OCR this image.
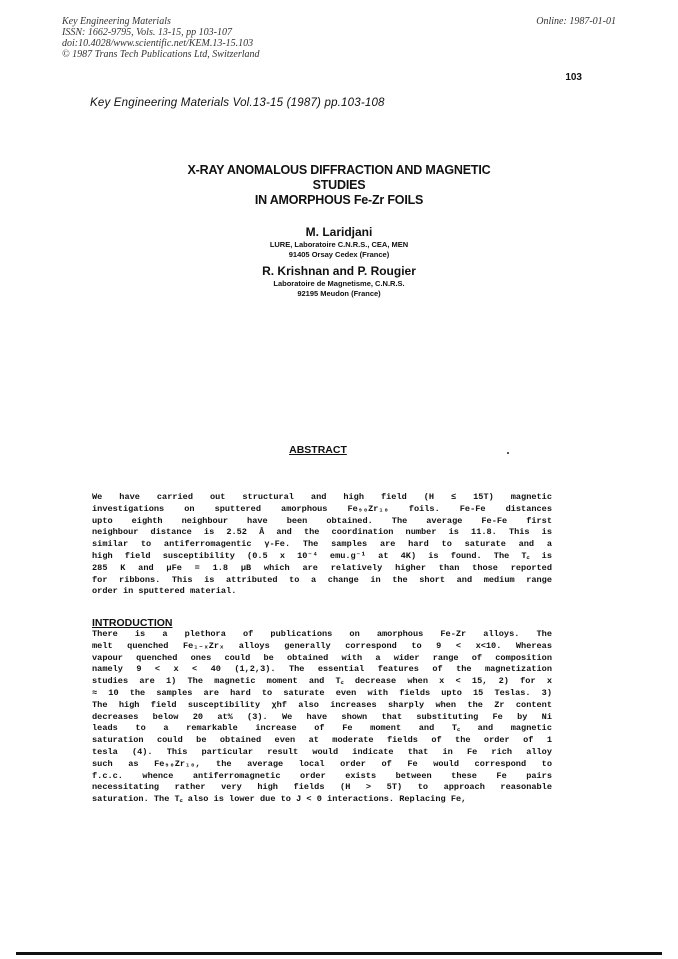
Key Engineering Materials
ISSN: 1662-9795, Vols. 13-15, pp 103-107
doi:10.4028/www.scientific.net/KEM.13-15.103
© 1987 Trans Tech Publications Ltd, Switzerland
Online: 1987-01-01
103
Key Engineering Materials Vol.13-15 (1987) pp.103-108
X-RAY ANOMALOUS DIFFRACTION AND MAGNETIC
STUDIES
IN AMORPHOUS Fe-Zr FOILS
M. Laridjani
LURE, Laboratoire C.N.R.S., CEA, MEN
91405 Orsay Cedex (France)
R. Krishnan and P. Rougier
Laboratoire de Magnetisme, C.N.R.S.
92195 Meudon (France)
ABSTRACT

We have carried out structural and high field (H ≤ 15T) magnetic

investigations on sputtered amorphous Fe₉₀Zr₁₀ foils. Fe-Fe distances

upto eighth neighbour have been obtained. The average Fe-Fe first

neighbour distance is 2.52 Å and the coordination number is 11.8. This is

similar to antiferromagentic γ-Fe. The samples are hard to saturate and a

high field susceptibility (0.5 x 10⁻⁴ emu.g⁻¹ at 4K) is found. The T꜀ is

285 K and μFe = 1.8 μB which are relatively higher than those reported

for ribbons. This is attributed to a change in the short and medium range

order in sputtered material.

INTRODUCTION

There is a plethora of publications on amorphous Fe-Zr alloys. The

melt quenched Fe₁₋ₓZrₓ alloys generally correspond to 9 < x<10. Whereas

vapour quenched ones could be obtained with a wider range of composition

namely 9 < x < 40 (1,2,3). The essential features of the magnetization

studies are 1) The magnetic moment and T꜀ decrease when x < 15, 2) for x

≈ 10 the samples are hard to saturate even with fields upto 15 Teslas. 3)

The high field susceptibility χhf also increases sharply when the Zr content

decreases below 20 at% (3). We have shown that substituting Fe by Ni

leads to a remarkable increase of Fe moment and T꜀ and magnetic

saturation could be obtained even at moderate fields of the order of 1

tesla (4). This particular result would indicate that in Fe rich alloy

such as Fe₉₀Zr₁₀, the average local order of Fe would correspond to

f.c.c. whence antiferromagnetic order exists between these Fe pairs

necessitating rather very high fields (H > 5T) to approach reasonable

saturation. The T꜀ also is lower due to J < 0 interactions. Replacing Fe,
